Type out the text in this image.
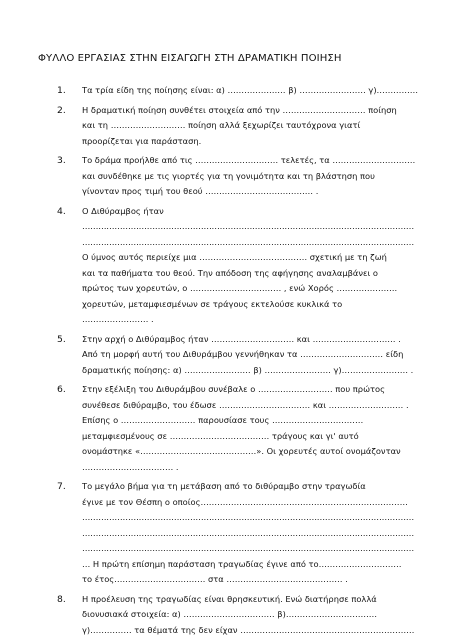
ΦΥΛΛΟ ΕΡΓΑΣΙΑΣ ΣΤΗΝ ΕΙΣΑΓΩΓΗ ΣΤΗ ΔΡΑΜΑΤΙΚΗ ΠΟΙΗΣΗ
1. Τα τρία είδη της ποίησης είναι: α) ………………… β) …………………… γ)……………
2. Η δραματική ποίηση συνθέτει στοιχεία από την ………………………… ποίηση
και τη ……………………… ποίηση αλλά ξεχωρίζει ταυτόχρονα γιατί
προορίζεται για παράσταση.
3. Το δράμα προήλθε από τις ………………………… τελετές, τα …………………………
και συνδέθηκε με τις γιορτές για τη γονιμότητα και τη βλάστηση που
γίνονταν προς τιμή του θεού ………………………………… .
4. Ο Διθύραμβος ήταν
……………………………………………………………………………………………………………
……………………………………………………………………………………………………………
Ο ύμνος αυτός περιείχε μια ………………………………… σχετική με τη ζωή
και τα παθήματα του θεού. Την απόδοση της αφήγησης αναλαμβάνει ο
πρώτος των χορευτών, ο …………………………… , ενώ Χορός ………………….
χορευτών, μεταμφιεσμένων σε τράγους εκτελούσε κυκλικά το
…………………… .
5. Στην αρχή ο Διθύραμβος ήταν ………………………… και ………………………… .
Από τη μορφή αυτή του Διθυράμβου γεννήθηκαν τα ………………………… είδη
δραματικής ποίησης: α) …………………… β) …………………… γ)…………………… .
6. Στην εξέλιξη του Διθυράμβου συνέβαλε ο ……………………… που πρώτος
συνέθεσε διθύραμβο, του έδωσε …………………………… και ……………………… .
Επίσης ο ……………………… παρουσίασε τους ……………………………
μεταμφιεσμένους σε ……………………………… τράγους και γι' αυτό
ονομάστηκε «……………………………………». Οι χορευτές αυτοί ονομάζονταν
…………………………… .
7. Το μεγάλο βήμα για τη μετάβαση από το διθύραμβο στην τραγωδία
έγινε με τον Θέσπη ο οποίος…………………………………………………………………
……………………………………………………………………………………………………………
……………………………………………………………………………………………………………
……………………………………………………………………………………………………………
… Η πρώτη επίσημη παράσταση τραγωδίας έγινε από το…………………………
το έτος…………………………… στα …………………………………… .
8. Η προέλευση της τραγωδίας είναι θρησκευτική. Ενώ διατήρησε πολλά
διονυσιακά στοιχεία: α) …………………………… β)……………………………
γ)…………… τα θέματά της δεν είχαν ………………………………………………………
